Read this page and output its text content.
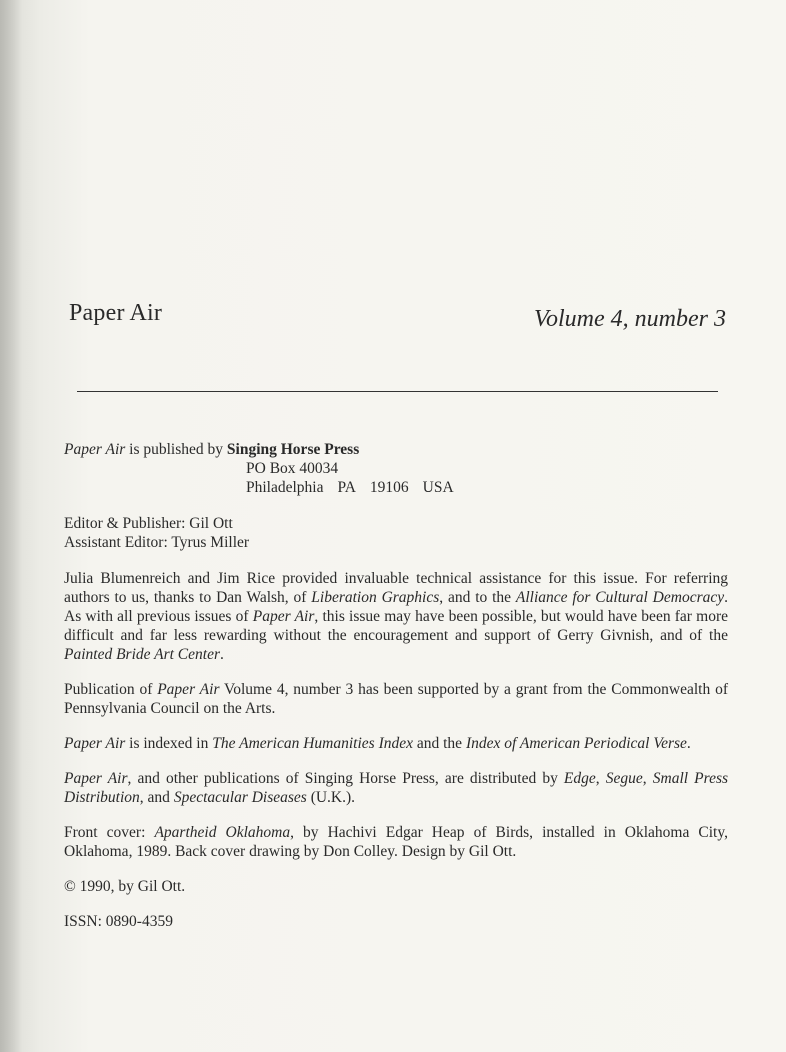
Paper Air	Volume 4, number 3
Paper Air is published by Singing Horse Press
PO Box 40034
Philadelphia PA 19106 USA
Editor & Publisher: Gil Ott
Assistant Editor: Tyrus Miller

Julia Blumenreich and Jim Rice provided invaluable technical assistance for this issue. For referring authors to us, thanks to Dan Walsh, of Liberation Graphics, and to the Alliance for Cultural Democracy. As with all previous issues of Paper Air, this issue may have been possible, but would have been far more difficult and far less rewarding without the encouragement and support of Gerry Givnish, and of the Painted Bride Art Center.

Publication of Paper Air Volume 4, number 3 has been supported by a grant from the Commonwealth of Pennsylvania Council on the Arts.

Paper Air is indexed in The American Humanities Index and the Index of American Periodical Verse.

Paper Air, and other publications of Singing Horse Press, are distributed by Edge, Segue, Small Press Distribution, and Spectacular Diseases (U.K.).

Front cover: Apartheid Oklahoma, by Hachivi Edgar Heap of Birds, installed in Oklahoma City, Oklahoma, 1989. Back cover drawing by Don Colley. Design by Gil Ott.

© 1990, by Gil Ott.
ISSN: 0890-4359
